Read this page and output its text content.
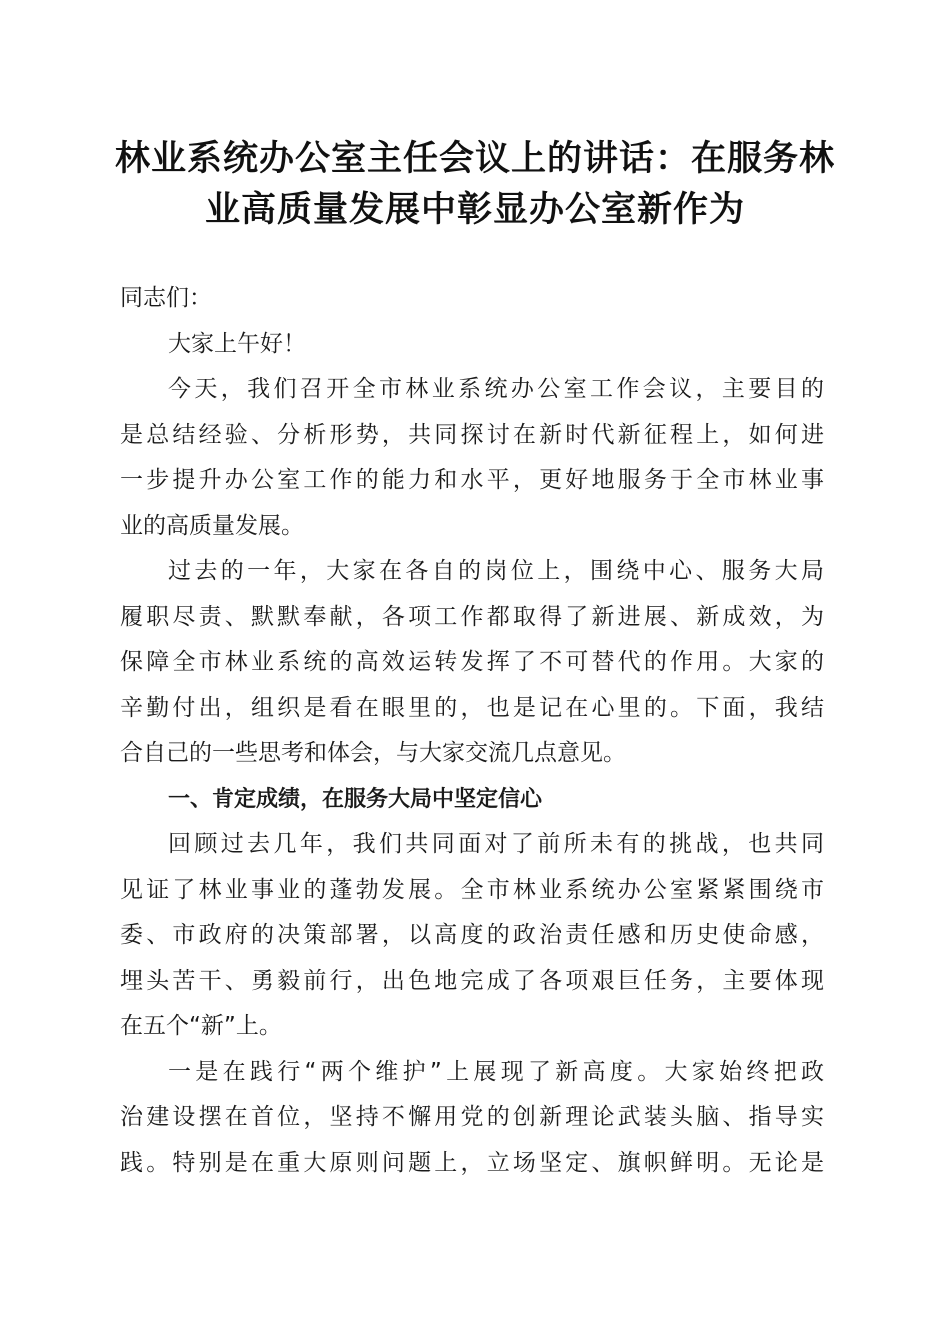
林业系统办公室主任会议上的讲话：在服务林
业高质量发展中彰显办公室新作为

同志们：

大家上午好！

今天，我们召开全市林业系统办公室工作会议，主要目的

是总结经验、分析形势，共同探讨在新时代新征程上，如何进

一步提升办公室工作的能力和水平，更好地服务于全市林业事

业的高质量发展。

过去的一年，大家在各自的岗位上，围绕中心、服务大局

履职尽责、默默奉献，各项工作都取得了新进展、新成效，为

保障全市林业系统的高效运转发挥了不可替代的作用。大家的

辛勤付出，组织是看在眼里的，也是记在心里的。下面，我结

合自己的一些思考和体会，与大家交流几点意见。

一、肯定成绩，在服务大局中坚定信心

回顾过去几年，我们共同面对了前所未有的挑战，也共同

见证了林业事业的蓬勃发展。全市林业系统办公室紧紧围绕市

委、市政府的决策部署，以高度的政治责任感和历史使命感，

埋头苦干、勇毅前行，出色地完成了各项艰巨任务，主要体现

在五个“新”上。

一是在践行“两个维护”上展现了新高度。大家始终把政

治建设摆在首位，坚持不懈用党的创新理论武装头脑、指导实

践。特别是在重大原则问题上，立场坚定、旗帜鲜明。无论是
